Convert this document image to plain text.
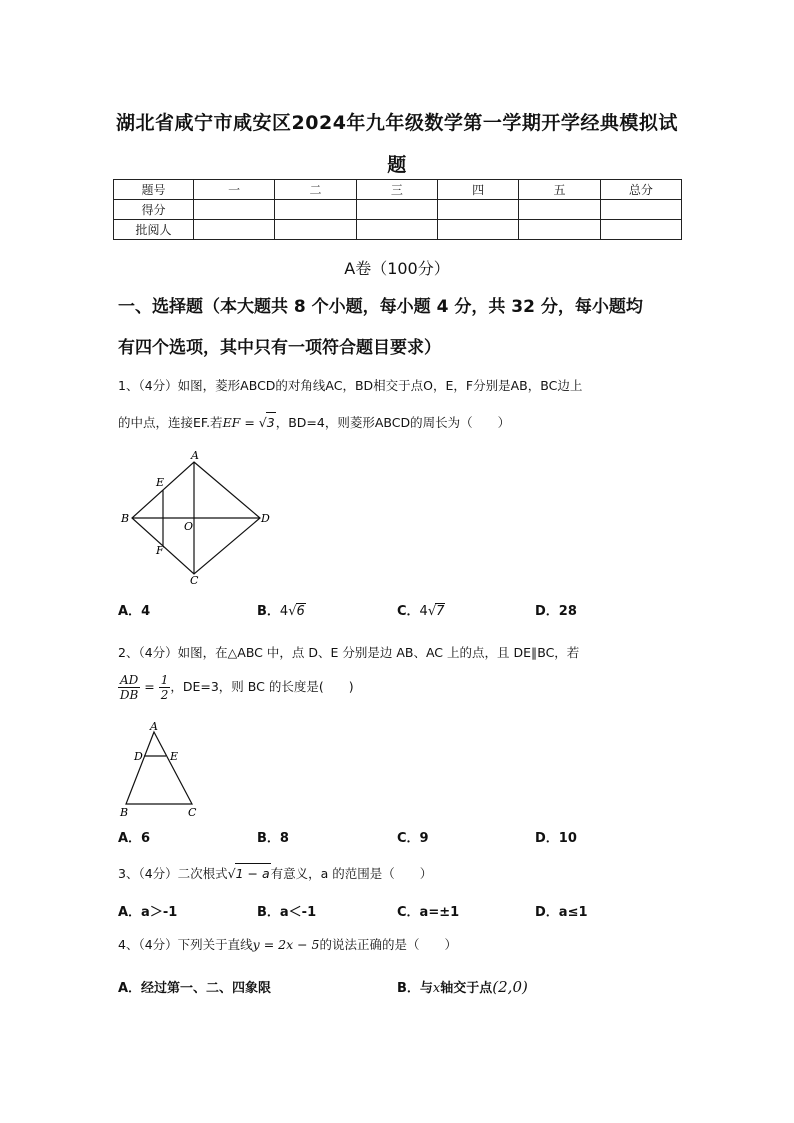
湖北省咸宁市咸安区2024年九年级数学第一学期开学经典模拟试
题
题号	一	二	三	四	五	总分
得分						
批阅人						
A卷（100分）
一、选择题（本大题共 8 个小题，每小题 4 分，共 32 分，每小题均
有四个选项，其中只有一项符合题目要求）
1、（4分）如图，菱形ABCD的对角线AC，BD相交于点O，E，F分别是AB，BC边上
的中点，连接EF.若EF = √3，BD=4，则菱形ABCD的周长为（　　）
A
B
C
D
E
F
O
A．4	B．4√6	C．4√7	D．28
2、（4分）如图，在△ABC 中，点 D、E 分别是边 AB、AC 上的点，且 DE∥BC，若
$\frac{AD}{DB} = \frac{1}{2}$ ，DE=3，则 BC 的长度是(　　)
A
D E
B	C
A．6	B．8	C．9	D．10
3、（4分）二次根式√1 − a有意义，a 的范围是（　　）
A．a＞-1	B．a＜-1	C．a=±1	D．a≤1
4、（4分）下列关于直线y = 2x − 5的说法正确的是（　　）
A．经过第一、二、四象限	B．与x轴交于点(2,0)
